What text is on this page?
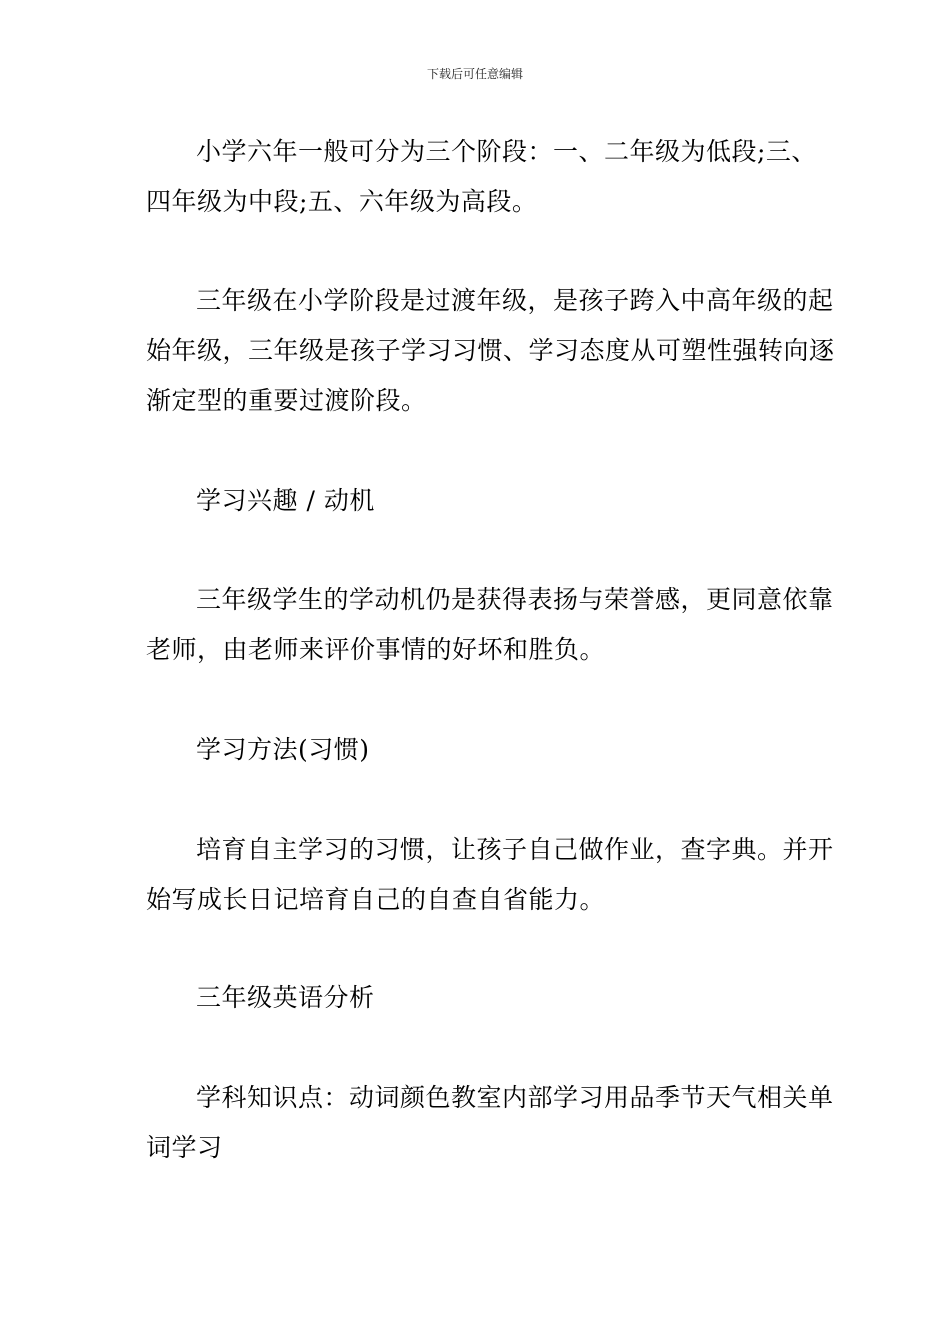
下载后可任意编辑

小学六年一般可分为三个阶段：一、二年级为低段;三、四年级为中段;五、六年级为高段。

三年级在小学阶段是过渡年级，是孩子跨入中高年级的起始年级，三年级是孩子学习习惯、学习态度从可塑性强转向逐渐定型的重要过渡阶段。

学习兴趣 / 动机

三年级学生的学动机仍是获得表扬与荣誉感，更同意依靠老师，由老师来评价事情的好坏和胜负。

学习方法(习惯)

培育自主学习的习惯，让孩子自己做作业，查字典。并开始写成长日记培育自己的自查自省能力。

三年级英语分析

学科知识点：动词颜色教室内部学习用品季节天气相关单词学习
